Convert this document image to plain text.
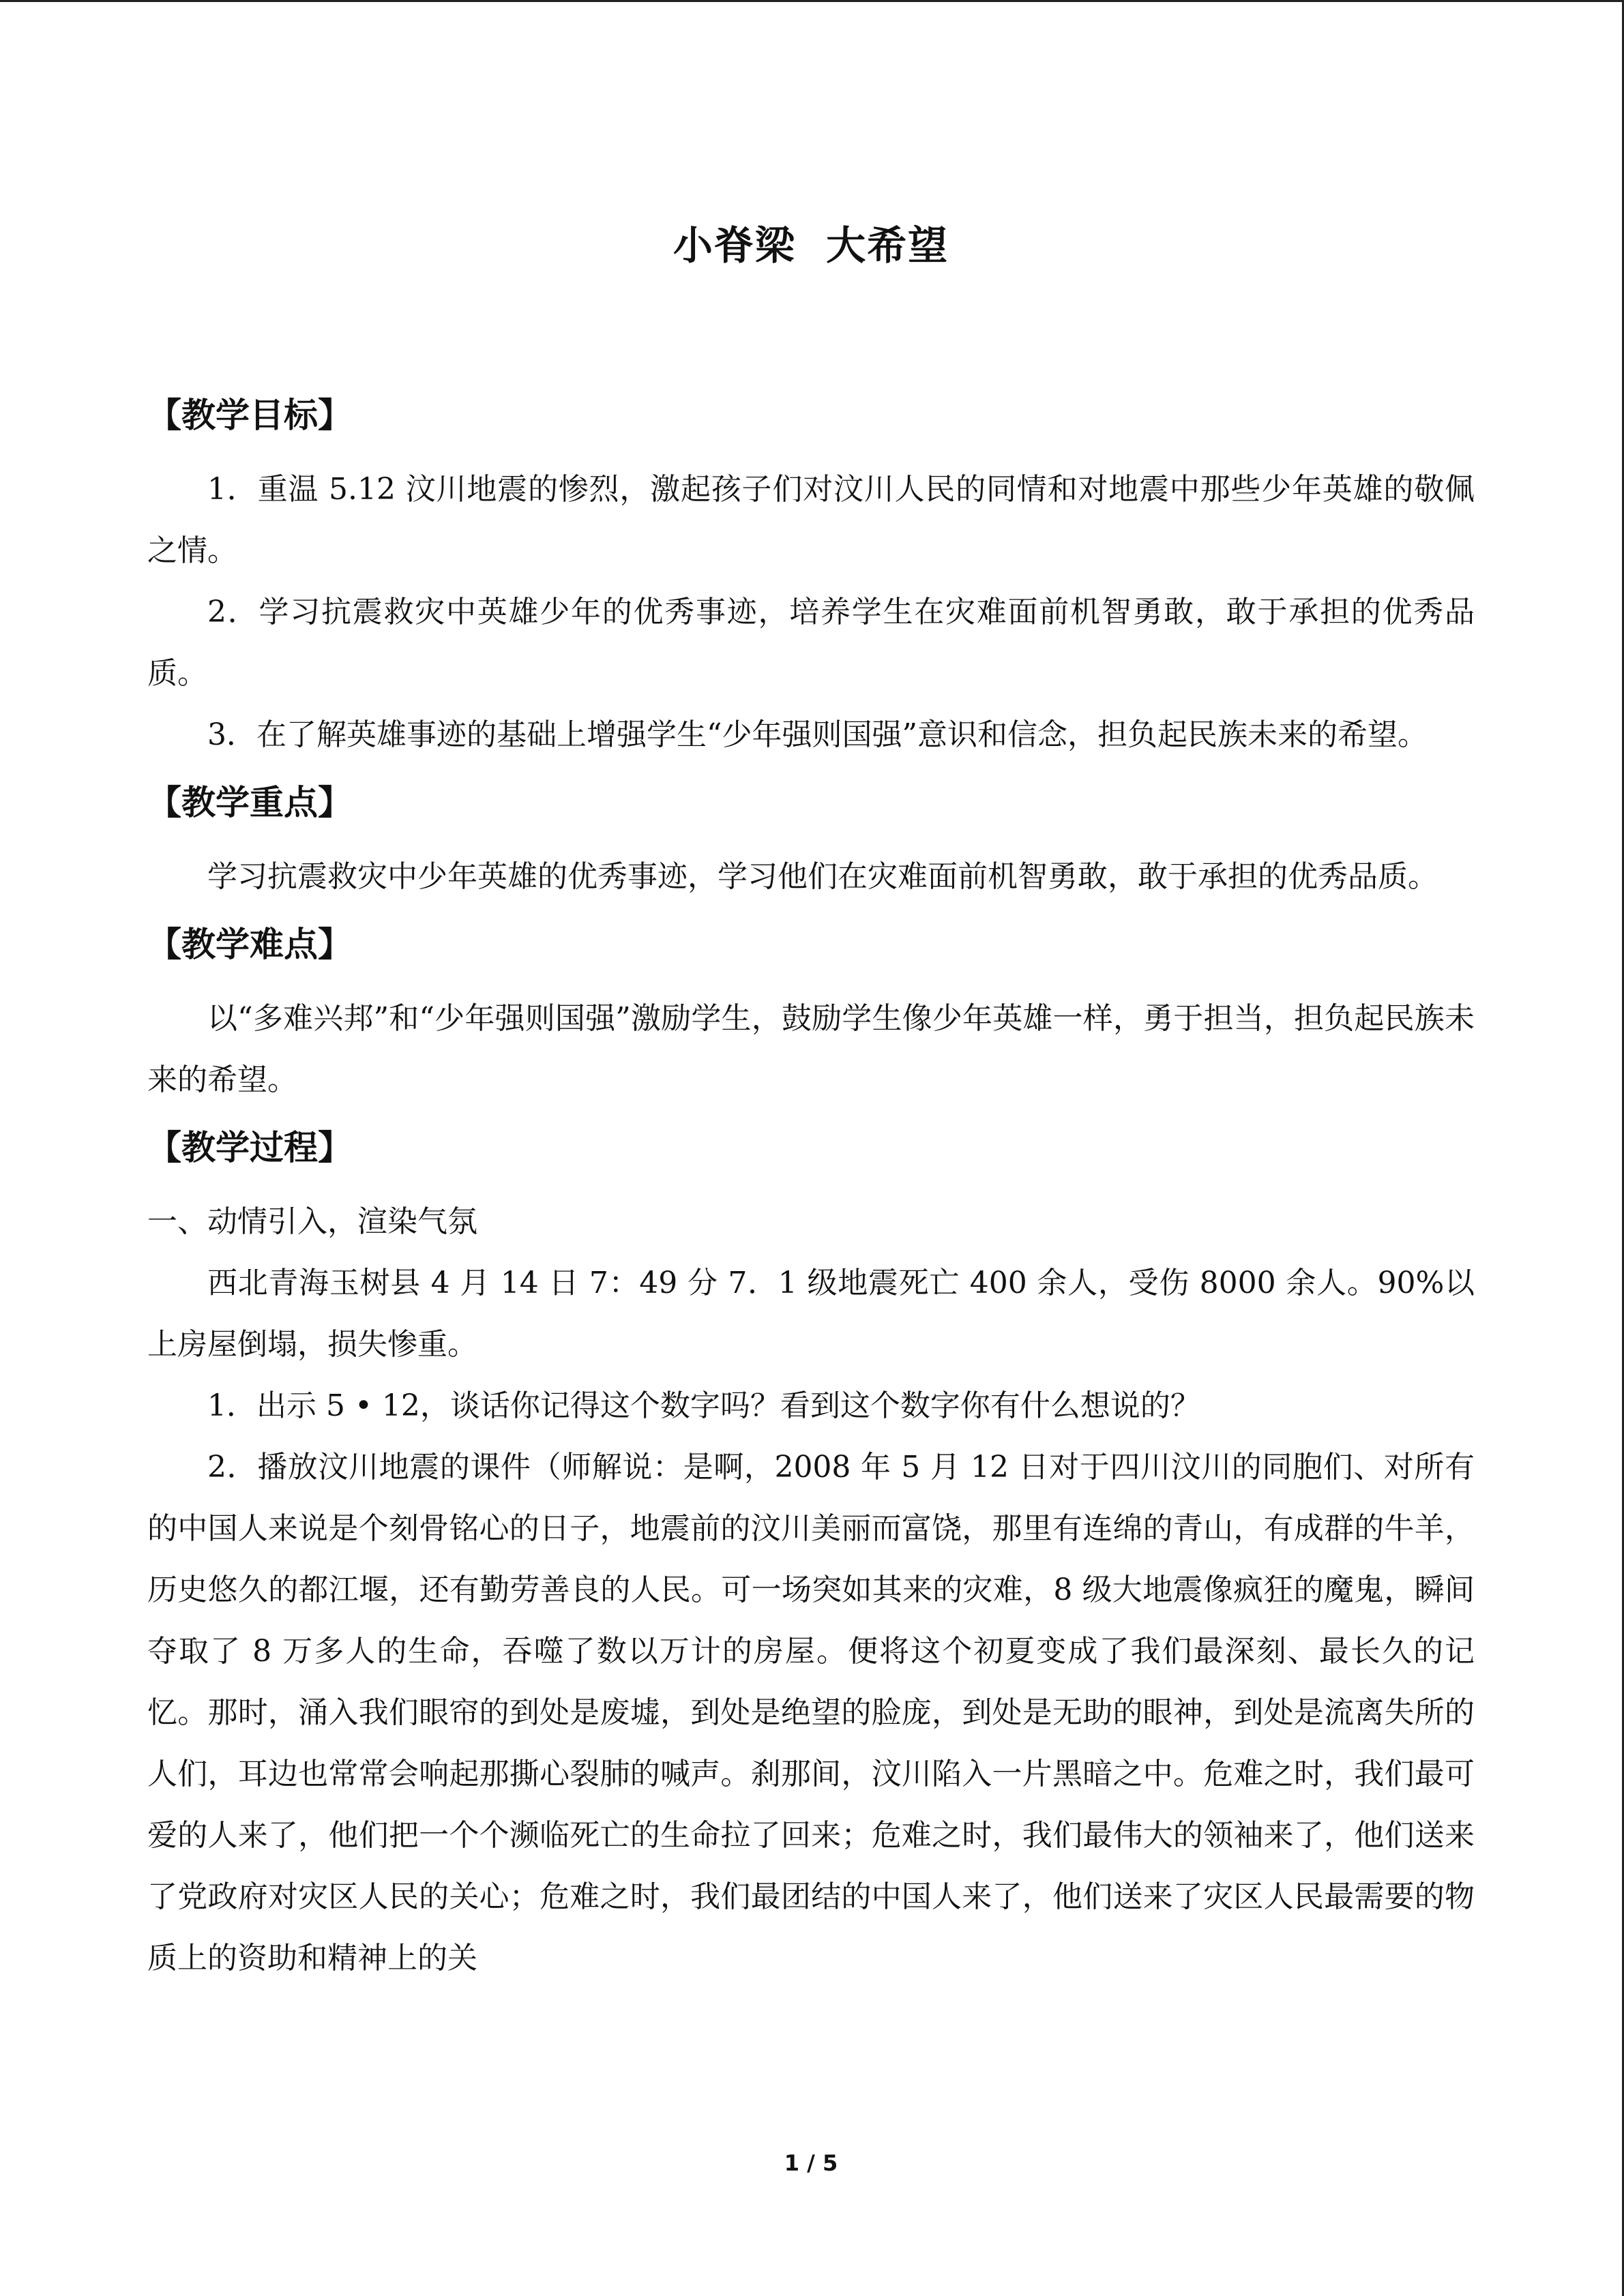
小脊梁 大希望
【教学目标】

1．重温 5.12 汶川地震的惨烈，激起孩子们对汶川人民的同情和对地震中那些少年英雄的敬佩之情。

2．学习抗震救灾中英雄少年的优秀事迹，培养学生在灾难面前机智勇敢，敢于承担的优秀品质。

3．在了解英雄事迹的基础上增强学生“少年强则国强”意识和信念，担负起民族未来的希望。

【教学重点】

学习抗震救灾中少年英雄的优秀事迹，学习他们在灾难面前机智勇敢，敢于承担的优秀品质。

【教学难点】

以“多难兴邦”和“少年强则国强”激励学生，鼓励学生像少年英雄一样，勇于担当，担负起民族未来的希望。

【教学过程】

一、动情引入，渲染气氛

西北青海玉树县 4 月 14 日 7：49 分 7．1 级地震死亡 400 余人，受伤 8000 余人。90%以上房屋倒塌，损失惨重。

1．出示 5 • 12，谈话你记得这个数字吗？看到这个数字你有什么想说的？

2．播放汶川地震的课件（师解说：是啊，2008 年 5 月 12 日对于四川汶川的同胞们、对所有的中国人来说是个刻骨铭心的日子，地震前的汶川美丽而富饶，那里有连绵的青山，有成群的牛羊，历史悠久的都江堰，还有勤劳善良的人民。可一场突如其来的灾难，8 级大地震像疯狂的魔鬼，瞬间夺取了 8 万多人的生命，吞噬了数以万计的房屋。便将这个初夏变成了我们最深刻、最长久的记忆。那时，涌入我们眼帘的到处是废墟，到处是绝望的脸庞，到处是无助的眼神，到处是流离失所的人们，耳边也常常会响起那撕心裂肺的喊声。刹那间，汶川陷入一片黑暗之中。危难之时，我们最可爱的人来了，他们把一个个濒临死亡的生命拉了回来；危难之时，我们最伟大的领袖来了，他们送来了党政府对灾区人民的关心；危难之时，我们最团结的中国人来了，他们送来了灾区人民最需要的物质上的资助和精神上的关

1 / 5
